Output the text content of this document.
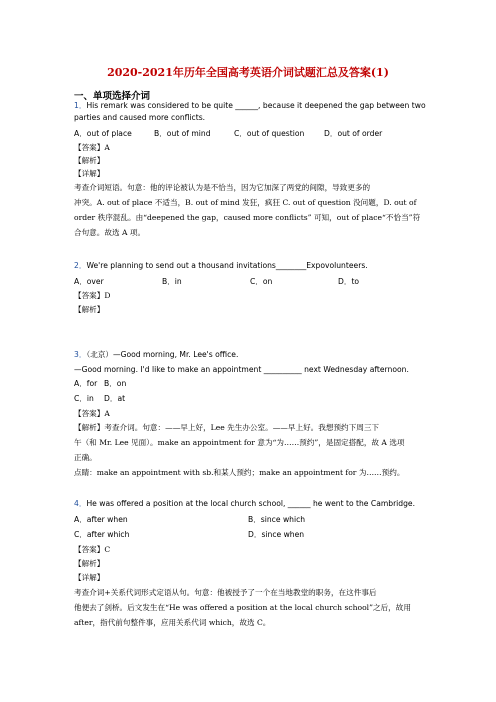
2020-2021年历年全国高考英语介词试题汇总及答案(1)
一、单项选择介词
1．His remark was considered to be quite ______, because it deepened the gap between two
parties and caused more conflicts.
A．out of place	B．out of mind	C．out of question	D．out of order
【答案】A
【解析】
【详解】
考查介词短语。句意：他的评论被认为是不恰当，因为它加深了两党的间隙，导致更多的
冲突。A. out of place 不适当，B. out of mind 发狂，疯狂 C. out of question 没问题，D. out of
order 秩序混乱。由“deepened the gap，caused more conflicts” 可知，out of place“不恰当”符
合句意。故选 A 项。
2．We're planning to send out a thousand invitations________Expovolunteers.
A．over	B．in	C．on	D．to
【答案】D
【解析】
3．（北京）—Good morning, Mr. Lee's office.
—Good morning. I'd like to make an appointment __________ next Wednesday afternoon.
A．for B．on
C．in D．at
【答案】A
【解析】考查介词。句意：——早上好，Lee 先生办公室。——早上好。我想预约下周三下
午（和 Mr. Lee 见面）。make an appointment for 意为“为……预约”，是固定搭配，故 A 选项
正确。
点睛：make an appointment with sb.和某人预约；make an appointment for 为……预约。
4．He was offered a position at the local church school, ______ he went to the Cambridge.
A．after when	B．since which
C．after which	D．since when
【答案】C
【解析】
【详解】
考查介词+关系代词形式定语从句。句意：他被授予了一个在当地教堂的职务，在这件事后
他便去了剑桥。后文发生在“He was offered a position at the local church school”之后，故用
after，指代前句整件事，应用关系代词 which，故选 C。
